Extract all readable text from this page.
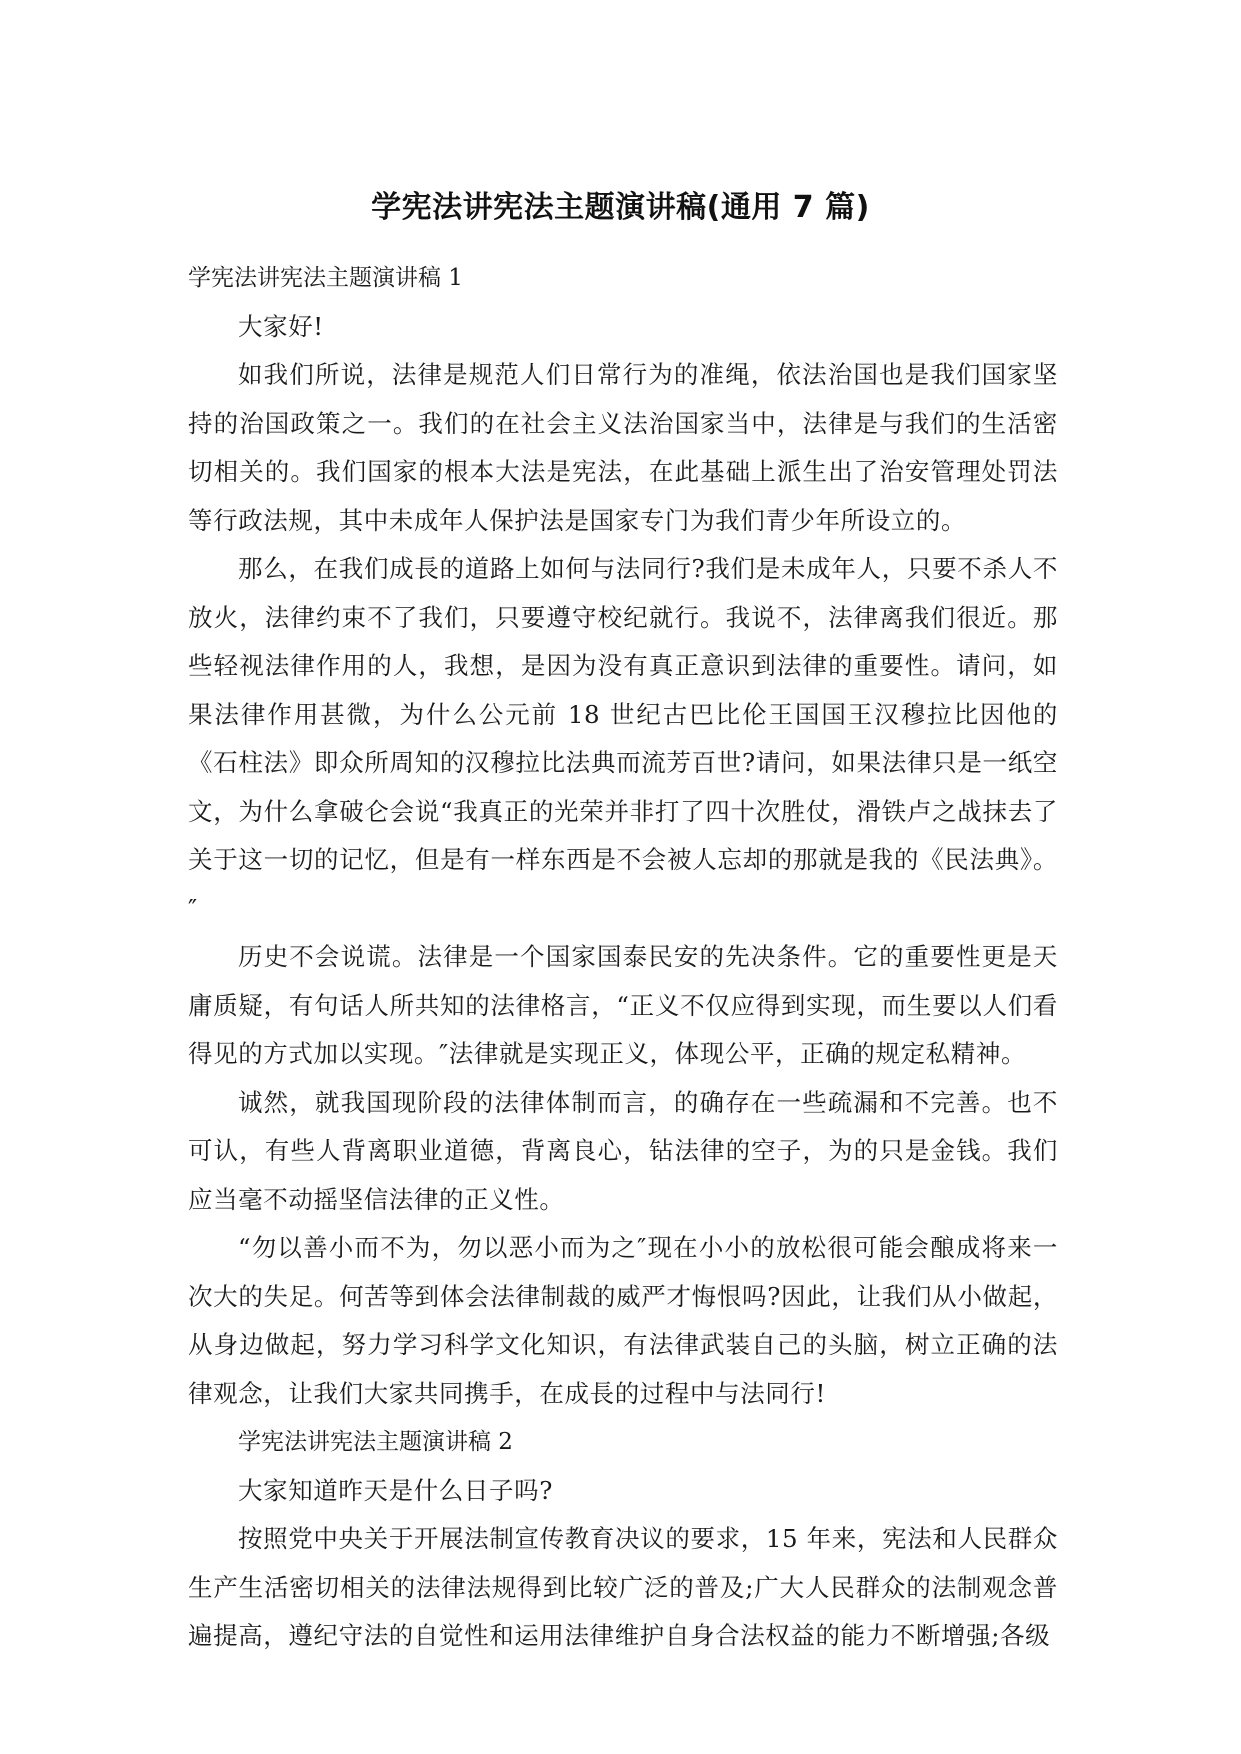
学宪法讲宪法主题演讲稿(通用 7 篇)

学宪法讲宪法主题演讲稿 1

大家好!

如我们所说，法律是规范人们日常行为的准绳，依法治国也是我们国家坚持的治国政策之一。我们的在社会主义法治国家当中，法律是与我们的生活密切相关的。我们国家的根本大法是宪法，在此基础上派生出了治安管理处罚法等行政法规，其中未成年人保护法是国家专门为我们青少年所设立的。

那么，在我们成長的道路上如何与法同行?我们是未成年人，只要不杀人不放火，法律约束不了我们，只要遵守校纪就行。我说不，法律离我们很近。那些轻视法律作用的人，我想，是因为没有真正意识到法律的重要性。请问，如果法律作用甚微，为什么公元前 18 世纪古巴比伦王国国王汉穆拉比因他的《石柱法》即众所周知的汉穆拉比法典而流芳百世?请问，如果法律只是一纸空文，为什么拿破仑会说“我真正的光荣并非打了四十次胜仗，滑铁卢之战抹去了关于这一切的记忆，但是有一样东西是不会被人忘却的那就是我的《民法典》。″

历史不会说谎。法律是一个国家国泰民安的先决条件。它的重要性更是天庸质疑，有句话人所共知的法律格言，“正义不仅应得到实现，而生要以人们看得见的方式加以实现。″法律就是实现正义，体现公平，正确的规定私精神。

诚然，就我国现阶段的法律体制而言，的确存在一些疏漏和不完善。也不可认，有些人背离职业道德，背离良心，钻法律的空子，为的只是金钱。我们应当毫不动摇坚信法律的正义性。

“勿以善小而不为，勿以恶小而为之″现在小小的放松很可能会酿成将来一次大的失足。何苦等到体会法律制裁的威严才悔恨吗?因此，让我们从小做起，从身边做起，努力学习科学文化知识，有法律武装自己的头脑，树立正确的法律观念，让我们大家共同携手，在成長的过程中与法同行!

学宪法讲宪法主题演讲稿 2

大家知道昨天是什么日子吗?

按照党中央关于开展法制宣传教育决议的要求，15 年来，宪法和人民群众生产生活密切相关的法律法规得到比较广泛的普及;广大人民群众的法制观念普遍提高，遵纪守法的自觉性和运用法律维护自身合法权益的能力不断增强;各级
